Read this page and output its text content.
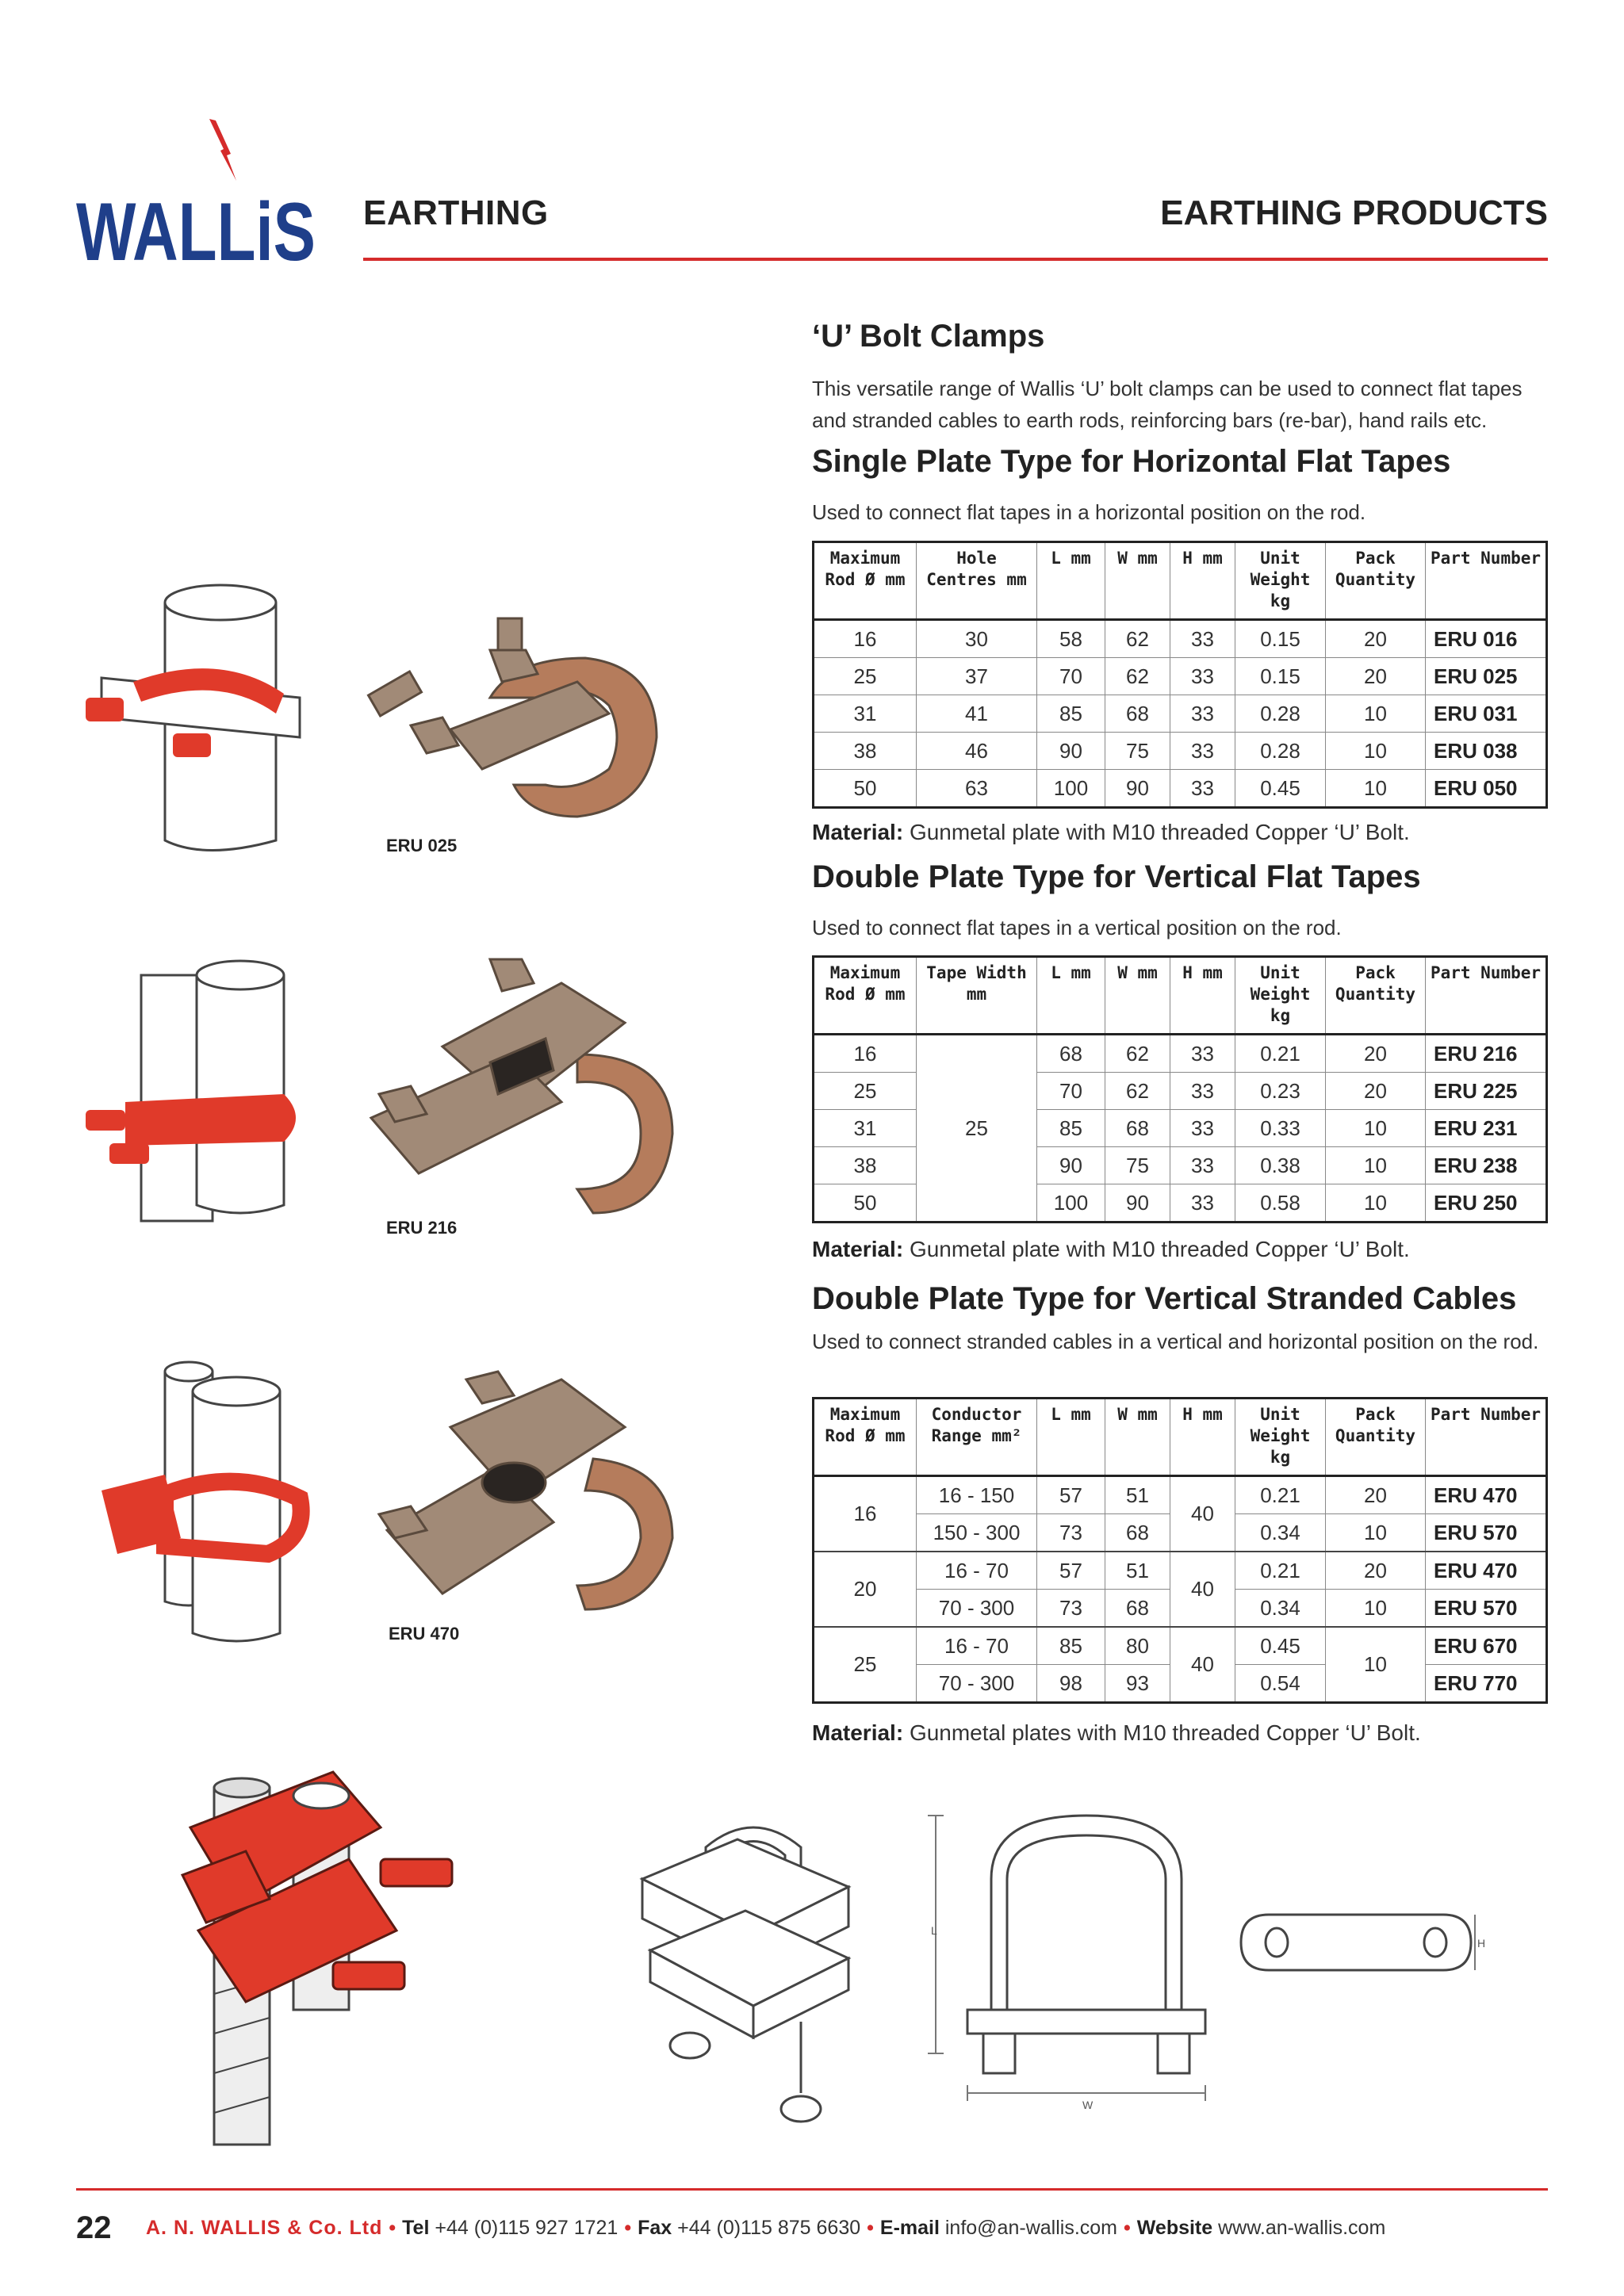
WALLiS EARTHING	EARTHING PRODUCTS
‘U’ Bolt Clamps
This versatile range of Wallis ‘U’ bolt clamps can be used to connect flat tapes and stranded cables to earth rods, reinforcing bars (re-bar), hand rails etc.
Single Plate Type for Horizontal Flat Tapes
Used to connect flat tapes in a horizontal position on the rod.
Maximum Rod Ø mm	Hole Centres mm	L mm	W mm	H mm	Unit Weight kg	Pack Quantity	Part Number
16	30	58	62	33	0.15	20	ERU 016
25	37	70	62	33	0.15	20	ERU 025
31	41	85	68	33	0.28	10	ERU 031
38	46	90	75	33	0.28	10	ERU 038
50	63	100	90	33	0.45	10	ERU 050
Material: Gunmetal plate with M10 threaded Copper ‘U’ Bolt.
Double Plate Type for Vertical Flat Tapes
Used to connect flat tapes in a vertical position on the rod.
Maximum Rod Ø mm	Tape Width mm	L mm	W mm	H mm	Unit Weight kg	Pack Quantity	Part Number
16	25	68	62	33	0.21	20	ERU 216
25		70	62	33	0.23	20	ERU 225
31		85	68	33	0.33	10	ERU 231
38		90	75	33	0.38	10	ERU 238
50		100	90	33	0.58	10	ERU 250
Material: Gunmetal plate with M10 threaded Copper ‘U’ Bolt.
Double Plate Type for Vertical Stranded Cables
Used to connect stranded cables in a vertical and horizontal position on the rod.
Maximum Rod Ø mm	Conductor Range mm²	L mm	W mm	H mm	Unit Weight kg	Pack Quantity	Part Number
16	16 - 150	57	51	40	0.21	20	ERU 470
	150 - 300	73	68		0.34	10	ERU 570
20	16 - 70	57	51	40	0.21	20	ERU 470
	70 - 300	73	68		0.34	10	ERU 570
25	16 - 70	85	80	40	0.45	10	ERU 670
	70 - 300	98	93		0.54		ERU 770
Material: Gunmetal plates with M10 threaded Copper ‘U’ Bolt.
ERU 025
ERU 216
ERU 470
L
W
H
22 A. N. WALLIS & Co. Ltd • Tel +44 (0)115 927 1721 • Fax +44 (0)115 875 6630 • E-mail info@an-wallis.com • Website www.an-wallis.com
